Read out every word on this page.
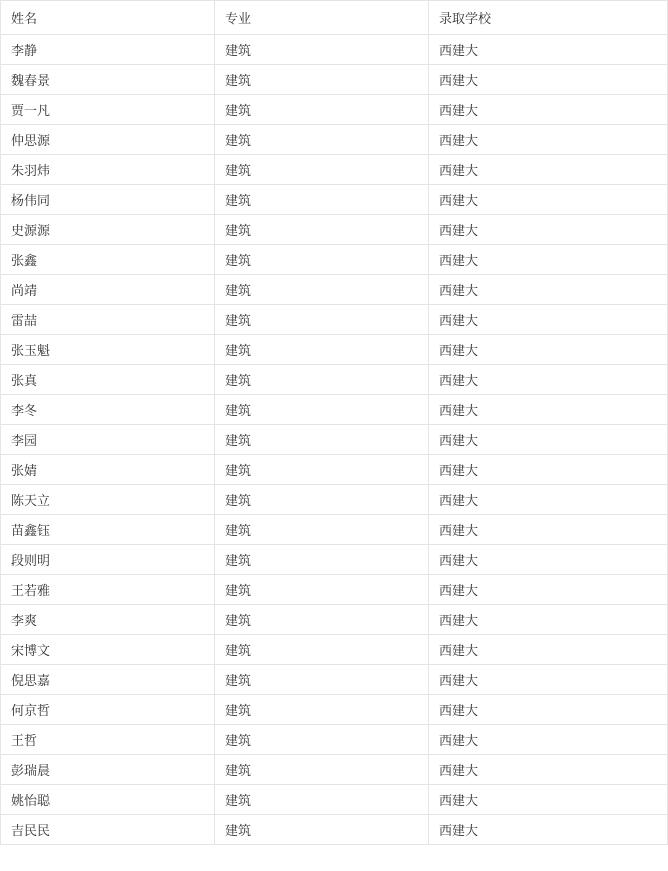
姓名	专业	录取学校
李静	建筑	西建大
魏春景	建筑	西建大
贾一凡	建筑	西建大
仲思源	建筑	西建大
朱羽炜	建筑	西建大
杨伟同	建筑	西建大
史源源	建筑	西建大
张鑫	建筑	西建大
尚靖	建筑	西建大
雷喆	建筑	西建大
张玉魁	建筑	西建大
张真	建筑	西建大
李冬	建筑	西建大
李园	建筑	西建大
张婧	建筑	西建大
陈天立	建筑	西建大
苗鑫钰	建筑	西建大
段则明	建筑	西建大
王若雅	建筑	西建大
李爽	建筑	西建大
宋博文	建筑	西建大
倪思嘉	建筑	西建大
何京哲	建筑	西建大
王哲	建筑	西建大
彭瑞晨	建筑	西建大
姚怡聪	建筑	西建大
吉民民	建筑	西建大
